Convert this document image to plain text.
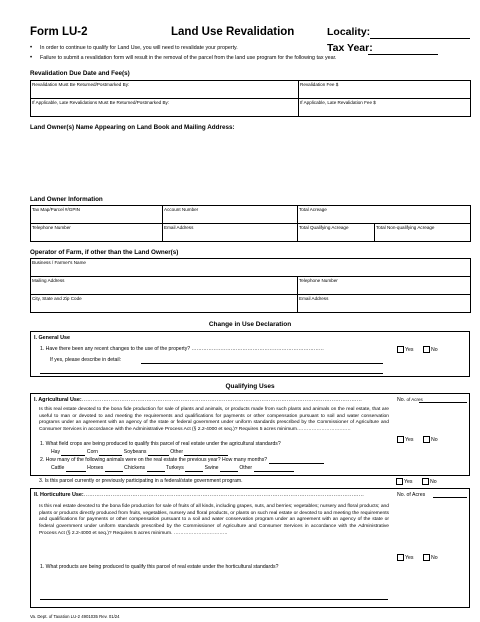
Form LU-2	Land Use Revalidation	Locality:
Tax Year:
•	In order to continue to qualify for Land Use, you will need to revalidate your property.
•	Failure to submit a revalidation form will result in the removal of the parcel from the land use program for the following tax year.
Revalidation Due Date and Fee(s)
Revalidation Must Be Returned/Postmarked By:	Revalidation Fee $
If Applicable, Late Revalidations Must Be Returned/Postmarked By:	If Applicable, Late Revalidation Fee $
Land Owner(s) Name Appearing on Land Book and Mailing Address:
Land Owner Information
Tax Map/Parcel #/GPIN	Account Number	Total Acreage	
Telephone Number	Email Address	Total Qualifying Acreage	Total Non-qualifying Acreage
Operator of Farm, if other than the Land Owner(s)
Business / Farmer's Name	
Mailing Address	Telephone Number
City, State and Zip Code	Email Address
Change in Use Declaration
I. General Use
1. Have there been any recent changes to the use of the property? ……………………………………………………………………	Yes	No
If yes, please describe in detail:
Qualifying Uses
I. Agricultural Use:…………………………………………………………………………………………………………………………………………	No. of Acres
Is this real estate devoted to the bona fide production for sale of plants and animals, or products made from such plants and animals on the real estate, that are useful to man or devoted to and meeting the requirements and qualifications for payments or other compensation pursuant to soil and water conservation programs under an agreement with an agency of the state or federal government under uniform standards prescribed by the Commissioner of Agriculture and Consumer Services in accordance with the Administrative Process Act (§ 2.2-4000 et seq.)? Requires 5 acres minimum……………………………
Yes	No
1. What field crops are being produced to qualify this parcel of real estate under the agricultural standards?
Hay	Corn	Soybeans	Other
2. How many of the following animals were on the real estate the previous year? How many months?
Cattle	Horses	Chickens	Turkeys	Swine	Other
3. Is this parcel currently or previously participating in a federal/state government program.	Yes	No
II. Horticulture Use:…………………………………………………………………………………………………………………………………………	No. of Acres
Is this real estate devoted to the bona fide production for sale of fruits of all kinds, including grapes, nuts, and berries; vegetables; nursery and floral products; and plants or products directly produced from fruits, vegetables, nursery and floral products, or plants on such real estate or devoted to and meeting the requirements and qualifications for payments or other compensation pursuant to a soil and water conservation program under an agreement with an agency of the state or federal government under uniform standards prescribed by the Commissioner of Agriculture and Consumer Services in accordance with the Administrative Process Act (§ 2.2-4000 et seq.)? Requires 5 acres minimum. ……………………………
Yes	No
1. What products are being produced to qualify this parcel of real estate under the horticultural standards?
Va. Dept. of Taxation LU-2 4901035 Rev. 01/24
